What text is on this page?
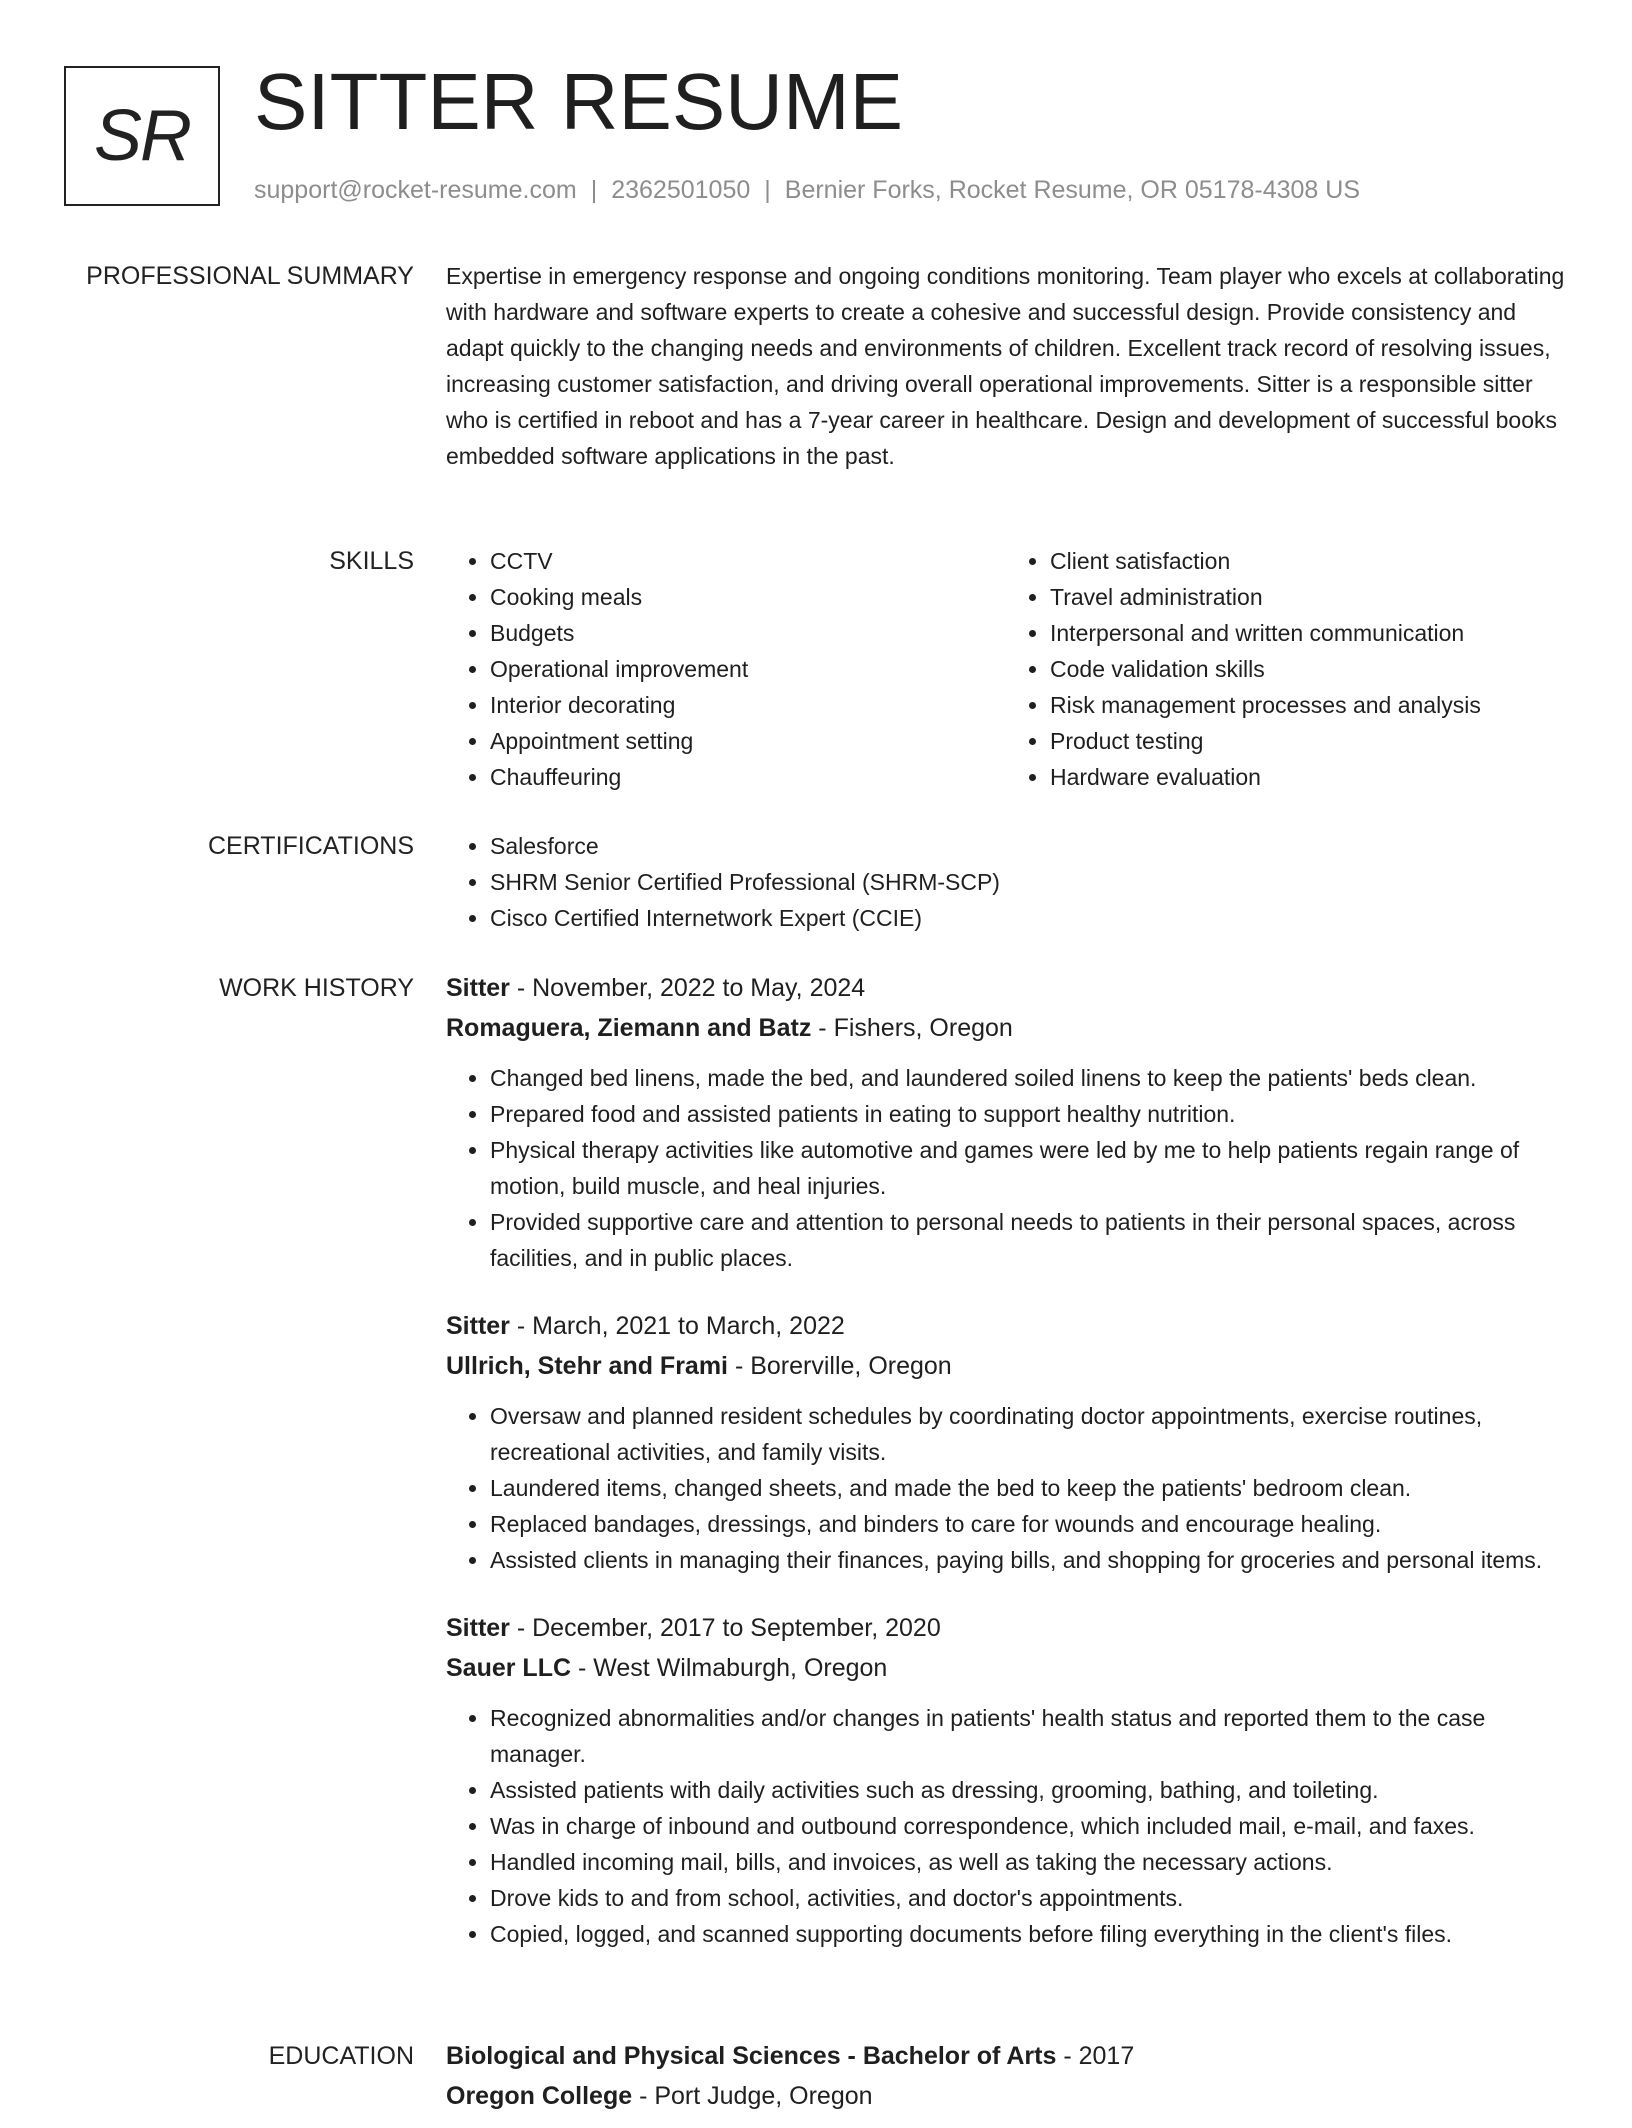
SR SITTER RESUME
support@rocket-resume.com | 2362501050 | Bernier Forks, Rocket Resume, OR 05178-4308 US
PROFESSIONAL SUMMARY Expertise in emergency response and ongoing conditions monitoring. Team player who excels at collaborating with hardware and software experts to create a cohesive and successful design. Provide consistency and adapt quickly to the changing needs and environments of children. Excellent track record of resolving issues, increasing customer satisfaction, and driving overall operational improvements. Sitter is a responsible sitter who is certified in reboot and has a 7-year career in healthcare. Design and development of successful books embedded software applications in the past.
SKILLS	• CCTV
• Cooking meals
• Budgets
• Operational improvement
• Interior decorating
• Appointment setting
• Chauffeuring
• Client satisfaction
• Travel administration
• Interpersonal and written communication
• Code validation skills
• Risk management processes and analysis
• Product testing
• Hardware evaluation
CERTIFICATIONS	• Salesforce
• SHRM Senior Certified Professional (SHRM-SCP)
• Cisco Certified Internetwork Expert (CCIE)
WORK HISTORY Sitter - November, 2022 to May, 2024
Romaguera, Ziemann and Batz - Fishers, Oregon
• Changed bed linens, made the bed, and laundered soiled linens to keep the patients' beds clean.
• Prepared food and assisted patients in eating to support healthy nutrition.
• Physical therapy activities like automotive and games were led by me to help patients regain range of motion, build muscle, and heal injuries.
• Provided supportive care and attention to personal needs to patients in their personal spaces, across facilities, and in public places.
Sitter - March, 2021 to March, 2022
Ullrich, Stehr and Frami - Borerville, Oregon
• Oversaw and planned resident schedules by coordinating doctor appointments, exercise routines, recreational activities, and family visits.
• Laundered items, changed sheets, and made the bed to keep the patients' bedroom clean.
• Replaced bandages, dressings, and binders to care for wounds and encourage healing.
• Assisted clients in managing their finances, paying bills, and shopping for groceries and personal items.
Sitter - December, 2017 to September, 2020
Sauer LLC - West Wilmaburgh, Oregon
• Recognized abnormalities and/or changes in patients' health status and reported them to the case manager.
• Assisted patients with daily activities such as dressing, grooming, bathing, and toileting.
• Was in charge of inbound and outbound correspondence, which included mail, e-mail, and faxes.
• Handled incoming mail, bills, and invoices, as well as taking the necessary actions.
• Drove kids to and from school, activities, and doctor's appointments.
• Copied, logged, and scanned supporting documents before filing everything in the client's files.
EDUCATION Biological and Physical Sciences - Bachelor of Arts - 2017
Oregon College - Port Judge, Oregon
